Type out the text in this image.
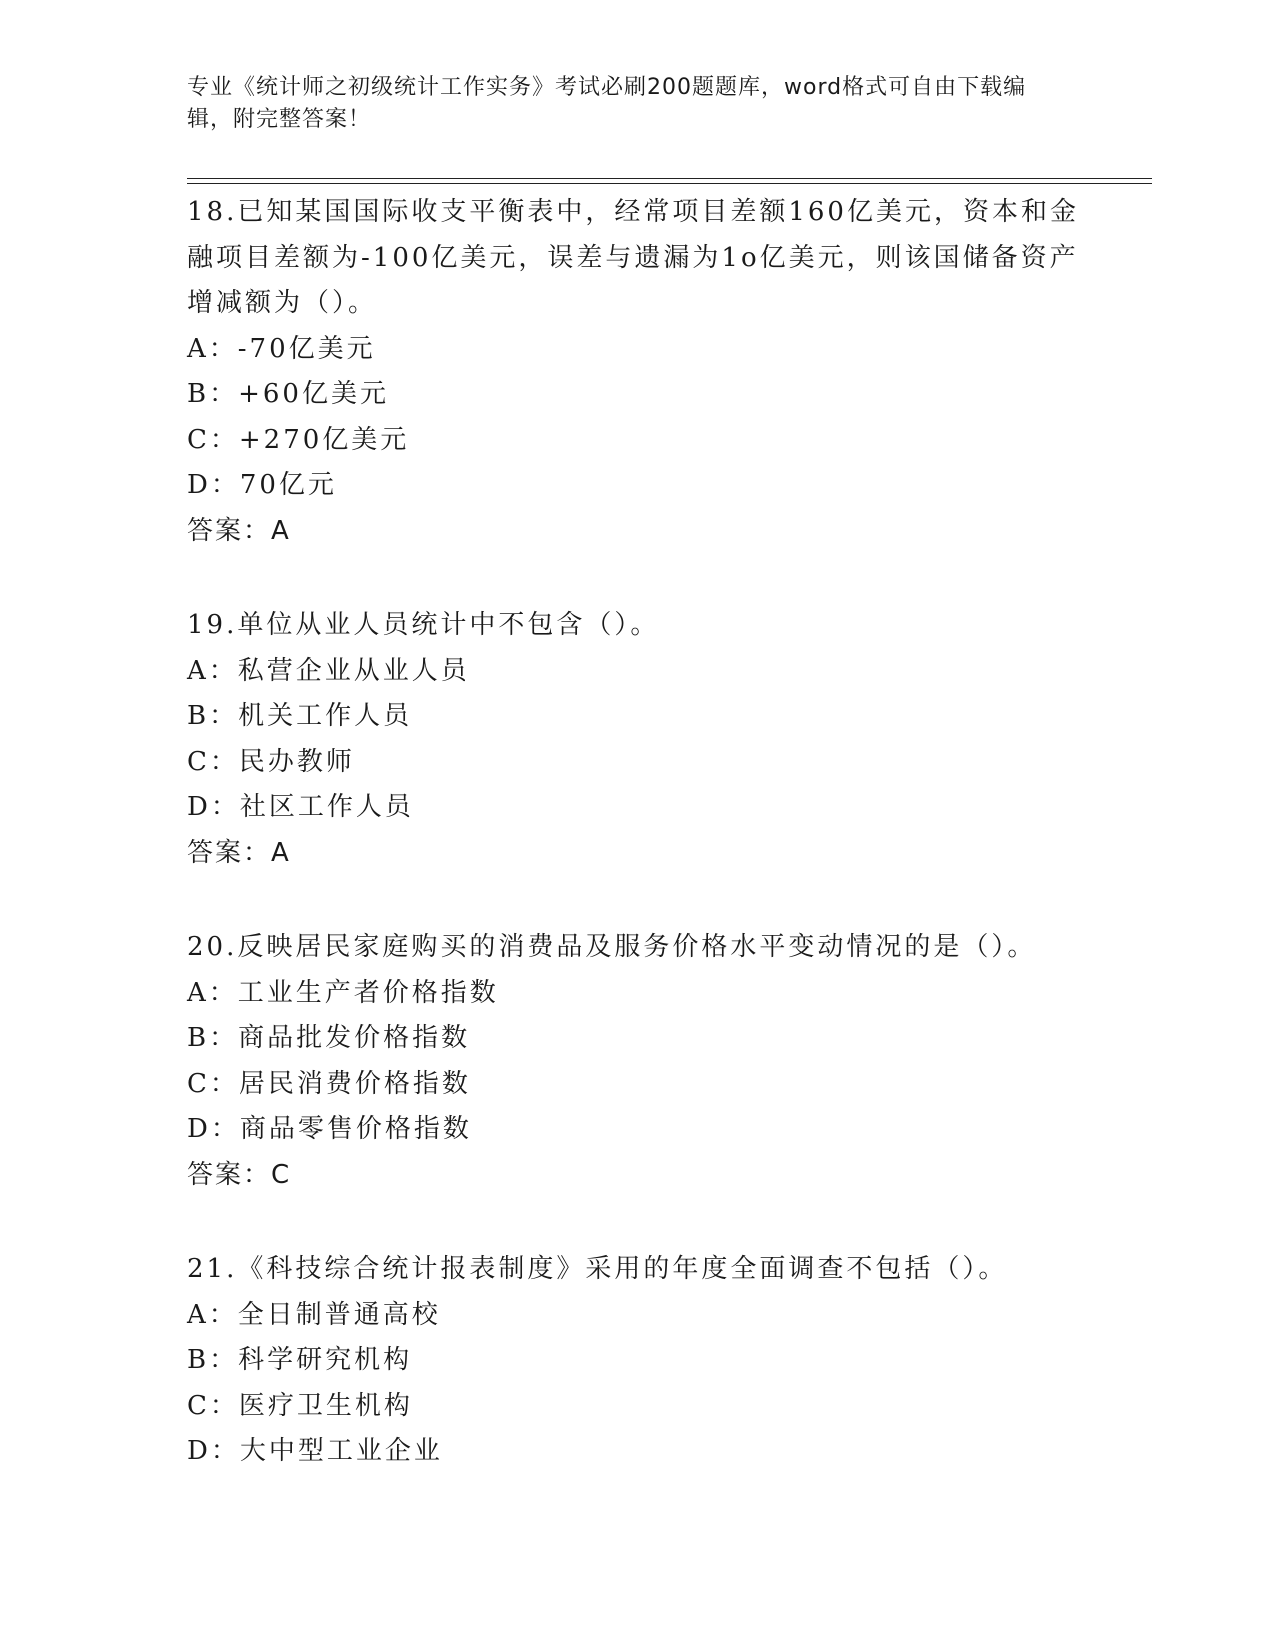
专业《统计师之初级统计工作实务》考试必刷200题题库，word格式可自由下载编辑，附完整答案！
18.已知某国国际收支平衡表中，经常项目差额160亿美元，资本和金融项目差额为-100亿美元，误差与遗漏为1o亿美元，则该国储备资产增减额为（）。
A：-70亿美元
B：+60亿美元
C：+270亿美元
D：70亿元
答案：A
19.单位从业人员统计中不包含（）。
A：私营企业从业人员
B：机关工作人员
C：民办教师
D：社区工作人员
答案：A
20.反映居民家庭购买的消费品及服务价格水平变动情况的是（）。
A：工业生产者价格指数
B：商品批发价格指数
C：居民消费价格指数
D：商品零售价格指数
答案：C
21.《科技综合统计报表制度》采用的年度全面调查不包括（）。
A：全日制普通高校
B：科学研究机构
C：医疗卫生机构
D：大中型工业企业
